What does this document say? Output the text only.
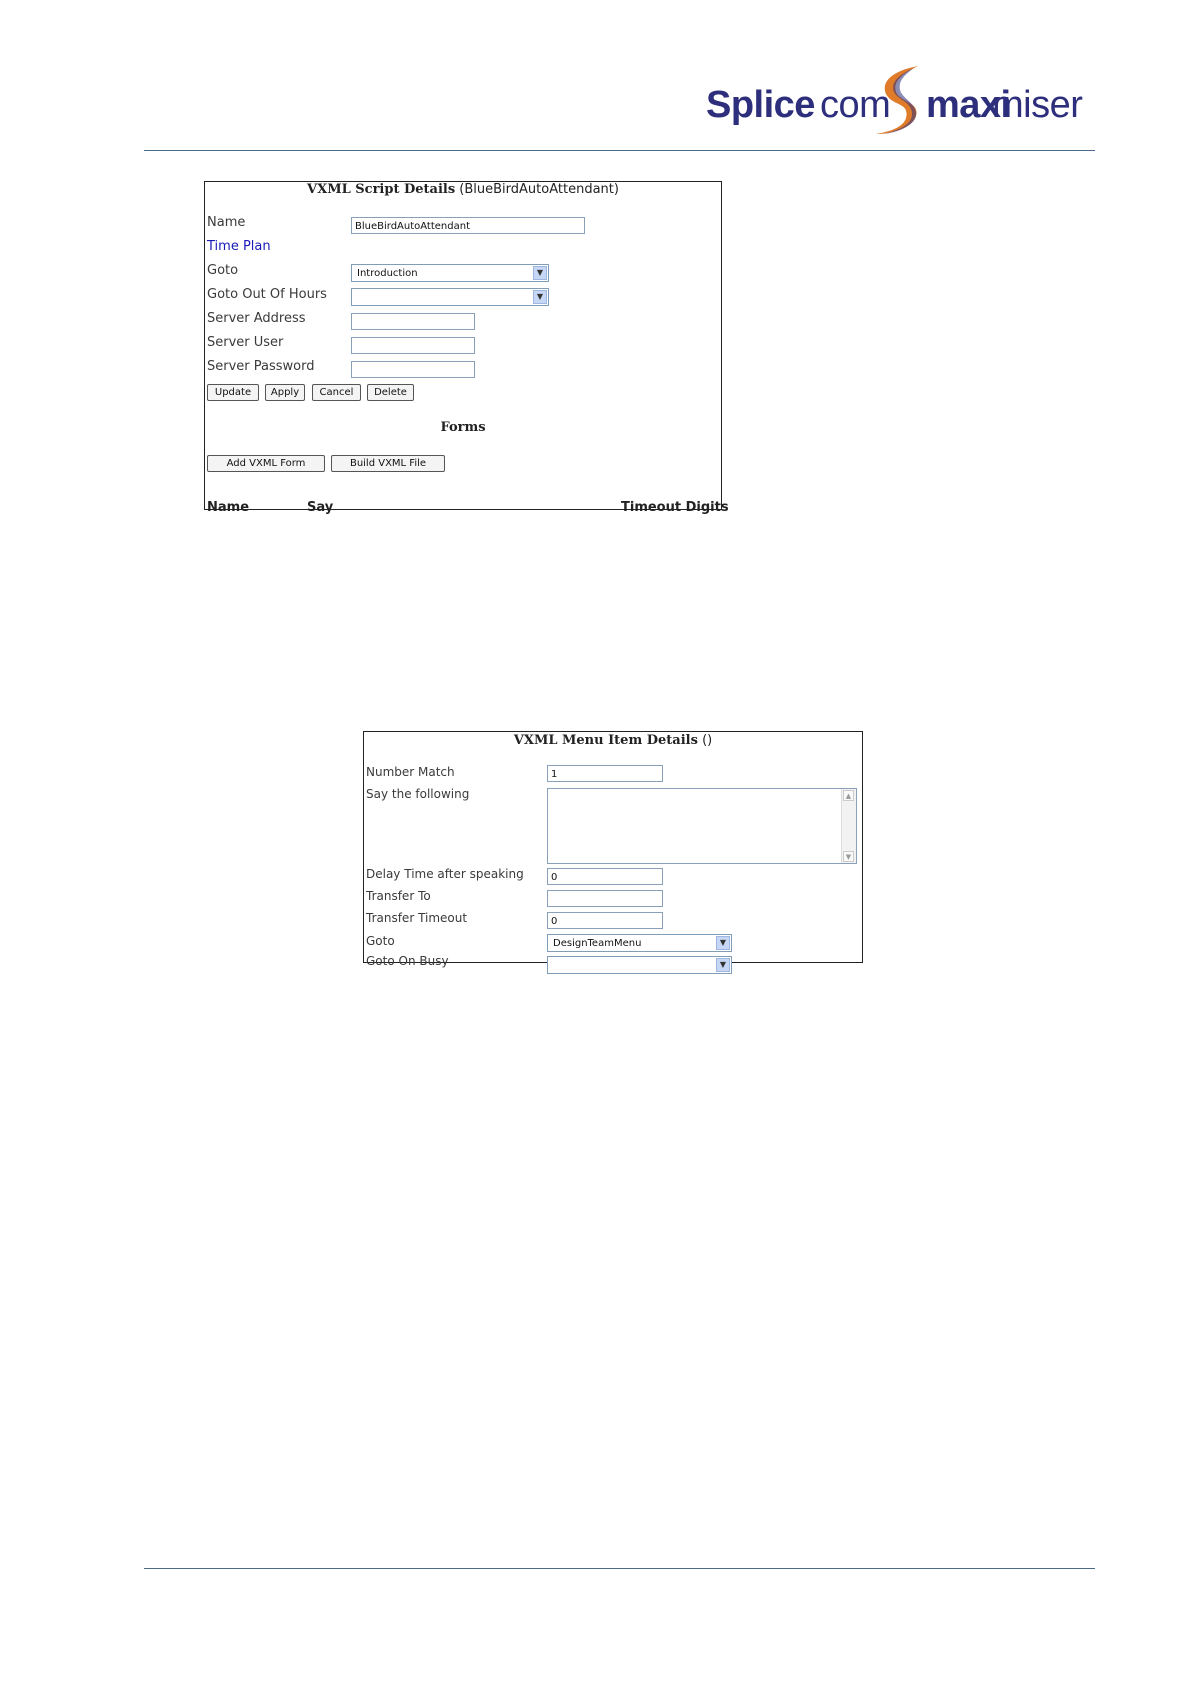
Splice com maxi
miser
VXML Script Details (BlueBirdAutoAttendant)
Name	BlueBirdAutoAttendant
Time Plan
Goto	Introduction	▼
Goto Out Of Hours	▼
Server Address
Server User
Server Password
Update	Apply	Cancel	Delete
Forms
Add VXML Form	Build VXML File
Name	Say	Timeout Digits
VXML Menu Item Details ()
Number Match	1
Say the following	▲
▼
Delay Time after speaking	0
Transfer To
Transfer Timeout	0
Goto	DesignTeamMenu	▼
Goto On Busy	▼
